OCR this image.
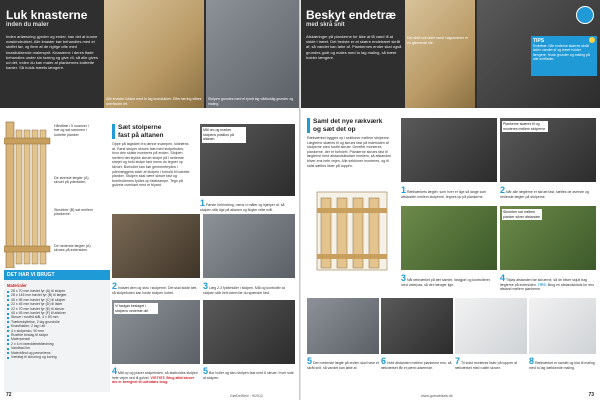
Luk knasterne
inden du maler

Inden anlæsning gynder og ender, kan det at kunne maskindrukket. Alle knaster bør behandles med et stoffet før, og flere af de rigtige ofte med knastlukkende malersprit. Knasterne i deres flade behandles under sin tørring og give vil, så alle gives ud dét, inden du kan maler af plankernes lodtrette kanter. Så holds træets længere.

Alle knaster lukkes med to lag knastlukker. Efter tørring slibes overfladen let.
Stolpen grundes med et tyndt lag vådholdig grunder og maling.
Hårdttræ i 5 nuancer i træ og sat sammen i lodrette planker
De øverste lægter (A) skruet på ydersiden.
Skrubber (B) sat mellem plankerne.
De nederste lægter (A) skrues på indersiden.
Sæt stolperne
fast på altanen
Oppe på tagsiden fra denne svampen, sidelæns af. Først stolper skrues fast med stolpefoden, hvor den sidste monteres på enden. Stolpen mellem det stykke skruet stolpe på i nederste strejet og hold stolpe fast mens du tegner op skruer. Borhullet kan bør gennembrydes i ydervæggens sider af stolpen i forhold til lodrette planker. Stolpen skal være skruet fast og borehulternes fyldes op fastkrampe. Tegn på gulvets overkant med et blyant.
Mål om og marker stolpens position på altanen
1Første forhindring, mens vi måler og hjælper af, så stolpen står lige på altanen og flugter rette mål.
2Indsæt dem og skru i stolperne. Det skal sidde tæt, så stolpefoden kan holde stolpen lodret.
3Læg 2-3 fyldtmidler i stolpen. Mål og kontrollér at stolpen står helt lodret før du spænder fast.
Vi fastgør beslaget i stolpens nederste del
4Mål op og placer stolpefoden, så fastholdes stolpen hele vejen ned til gulvet. VIGTIGT: Brug altid skruer der er beregnet til udendørs brug.
5Bor huller og skru stolpen fast med 6 skruer i hver side af stolpen.
DET HAR VI BRUGT
Materialer
28 x 70 mm høvlet fyr (A) til stolper
28 x 145 mm høvlet fyr (B) til lægter
45 x 95 mm høvlet fyr (C) til stolper
22 x 45 mm høvlet fyr (D) til lister
22 x 70 mm høvlet fyr (E) til skruer
45 x 45 mm høvlet fyr (F) til afstiver
Skruer i rustfrit stål, 4 x 50 mm
Træbeskyttelse, 2 lag grundolie
Knastlukker, 2 lag i alt
4 x stolpesko, 90 mm
Rustfrie beslag til stolpe
Malerpensel
2 x 4 m bræddebeklædning
Vandfast lim
Malerbånd og penselrens
Værktøj til skruning og boring
72	GørDetSelv · 9/2012
Beskyt endetræ
med skrå snit

Afskæringer på plankerne for ikke at få vand til at sidde i træet. Det bedste er at skære endetræet skråt af, så vandet kan løbe af. Plankernes ender skal også grundes godt og males med to lag maling, så træet holder længere.

Det skrå snit lader vand i tagrammen er en glimrende idé.	TIPS
Endetræ: Når enderne skæres skråt løber vandet af og træet holder længere. Husk grunder og maling på alle snitflader.
Saml det nye rækværk
og sæt det op
Rækværket bygges op i sektioner mellem stolperne. Lægterne skæres til og skrues fast på indersiden af stolperne med rustfri skruer. Derefter monteres plankerne, der er forboret. Plankerne skrues fast til lægterne med afstandsklodser imellem, så afstanden bliver ens hele vejen. Alle sektioner monteres, og til sidst sættes lister på toppen.
1Rækværkets lægter, som hver er lige så lange som afstanden mellem stolperne, tegnes op på plankerne.
Plankerne skæres til og monteres mellem stolperne
2Når alle lægterne er skruet fast, sættes de øverste og nederste lægter på stolperne.
3Nål rækværket på tæt samlet, fastgjort og kontrolleret med vaterpas, så det hænger lige.
Skrubber sat mellem planker sikrer afstanden
4Tilpas afstanden før skruerne, så de bliver skjult bag lægterne på indersiden. TIPS: Brug en afstandsklods for ens afstand mellem plankerne.
5Den nederste lægte på enden skal have et skråt snit, så vandet kan løbe af.
6Hold afstanden mellem plankerne ens, så rækværket får et pænt udseende.
7Til sidst monteres lister på toppen af rækværket med rustfri skruer.
8Rækværket er samlet og klar til maling med to lag dækkende maling.
www.goerdetselv.dk	73
